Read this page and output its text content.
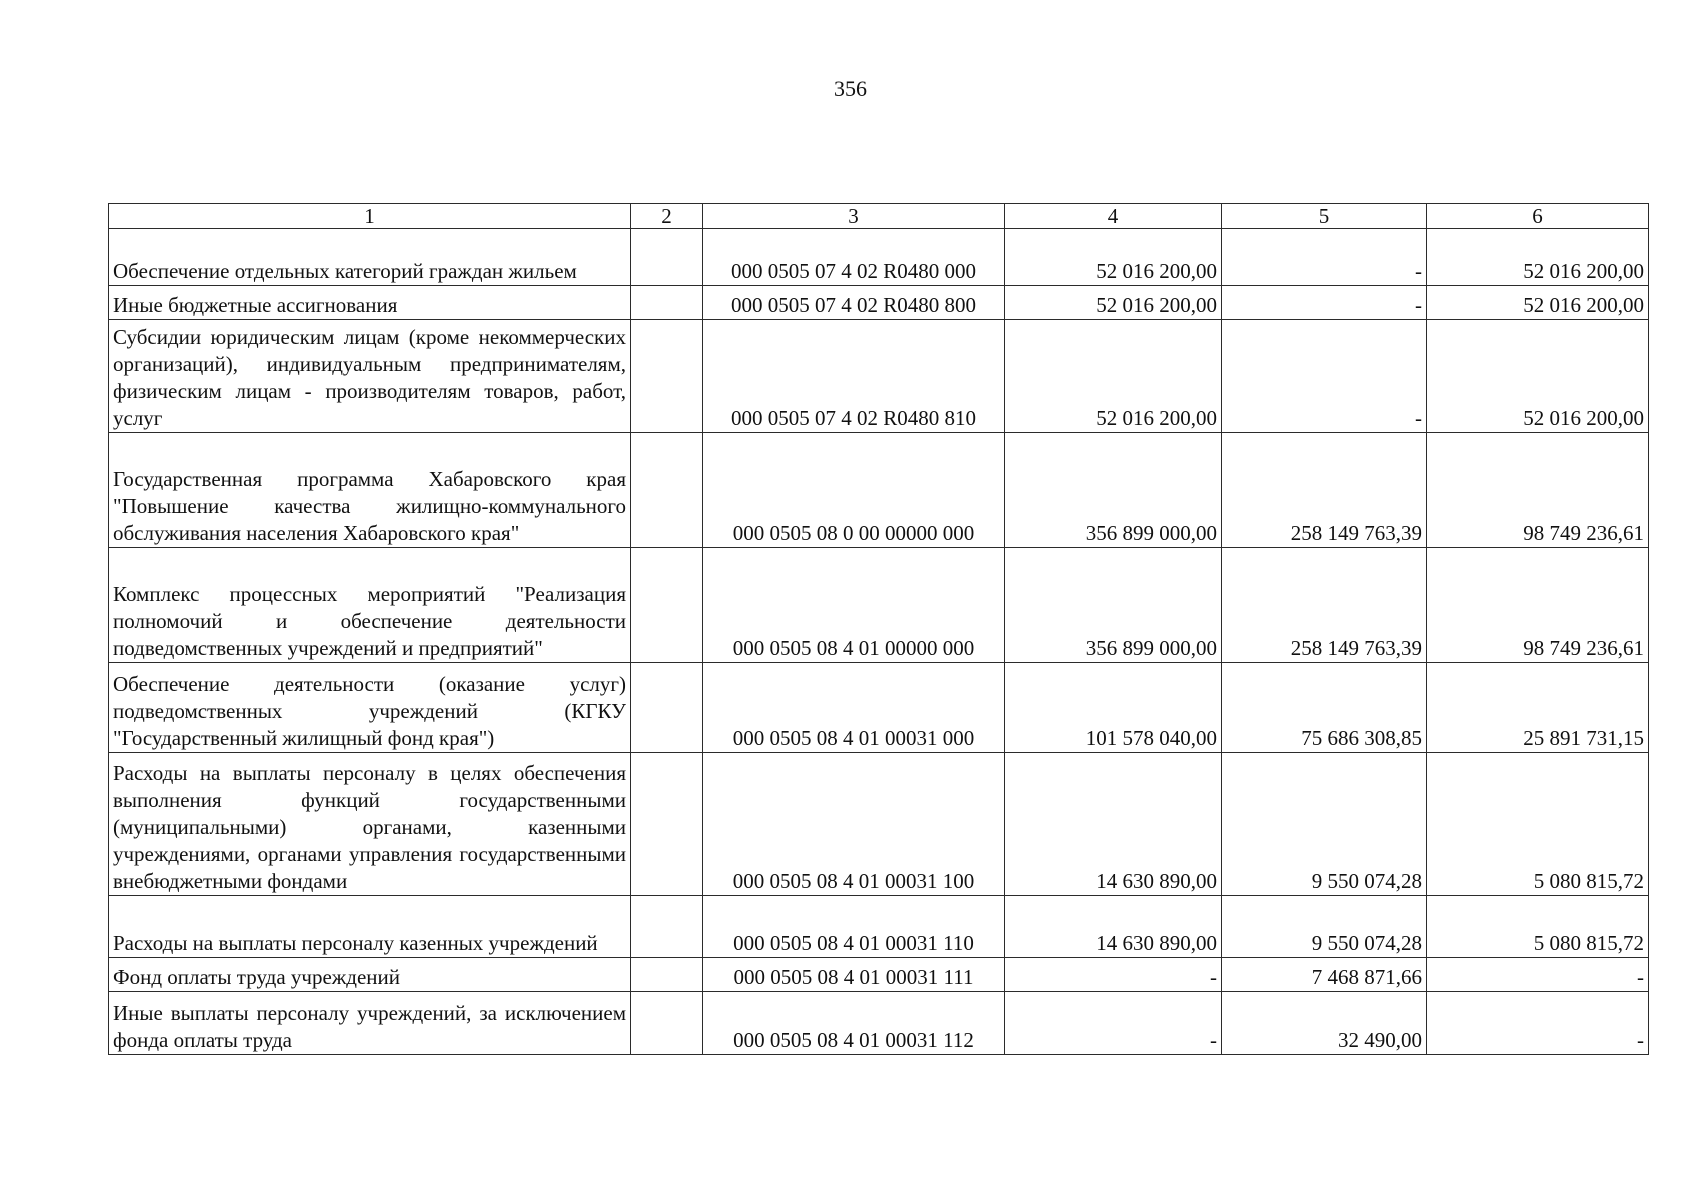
356
1	2	3	4	5	6
Обеспечение отдельных категорий граждан жильем		000 0505 07 4 02 R0480 000	52 016 200,00	-	52 016 200,00
Иные бюджетные ассигнования		000 0505 07 4 02 R0480 800	52 016 200,00	-	52 016 200,00
Субсидии юридическим лицам (кроме некоммерческих организаций), индивидуальным предпринимателям, физическим лицам - производителям товаров, работ, услуг		000 0505 07 4 02 R0480 810	52 016 200,00	-	52 016 200,00
Государственная программа Хабаровского края "Повышение качества жилищно-коммунального обслуживания населения Хабаровского края"		000 0505 08 0 00 00000 000	356 899 000,00	258 149 763,39	98 749 236,61
Комплекс процессных мероприятий "Реализация полномочий и обеспечение деятельности подведомственных учреждений и предприятий"		000 0505 08 4 01 00000 000	356 899 000,00	258 149 763,39	98 749 236,61
Обеспечение деятельности (оказание услуг) подведомственных учреждений (КГКУ "Государственный жилищный фонд края")		000 0505 08 4 01 00031 000	101 578 040,00	75 686 308,85	25 891 731,15
Расходы на выплаты персоналу в целях обеспечения выполнения функций государственными (муниципальными) органами, казенными учреждениями, органами управления государственными внебюджетными фондами		000 0505 08 4 01 00031 100	14 630 890,00	9 550 074,28	5 080 815,72
Расходы на выплаты персоналу казенных учреждений		000 0505 08 4 01 00031 110	14 630 890,00	9 550 074,28	5 080 815,72
Фонд оплаты труда учреждений		000 0505 08 4 01 00031 111	-	7 468 871,66	-
Иные выплаты персоналу учреждений, за исключением фонда оплаты труда		000 0505 08 4 01 00031 112	-	32 490,00	-
